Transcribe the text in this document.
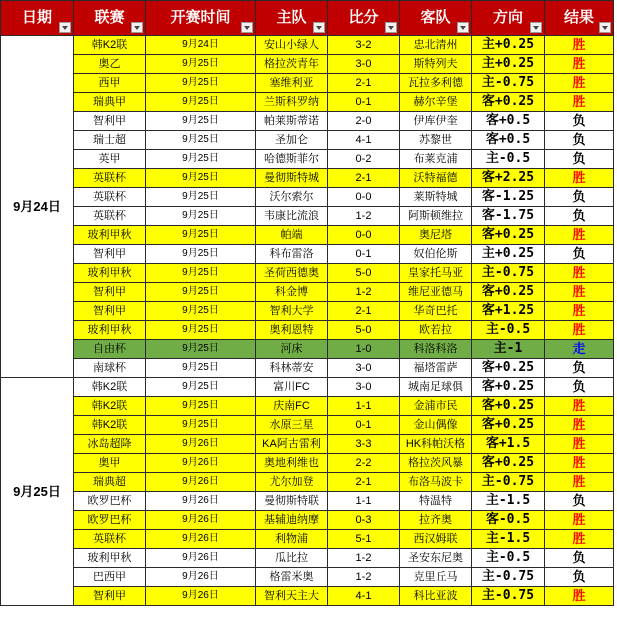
日期	联赛	开赛时间	主队	比分	客队	方向	结果

9月24日	韩K2联	9月24日	安山小绿人	3-2	忠北清州	主+0.25	胜
	奥乙	9月25日	格拉茨青年	3-0	斯特列夫	主+0.25	胜
	西甲	9月25日	塞维利亚	2-1	瓦拉多利德	主-0.75	胜
	瑞典甲	9月25日	兰斯科罗纳	0-1	赫尔辛堡	客+0.25	胜
	智利甲	9月25日	帕莱斯蒂诺	2-0	伊库伊奎	客+0.5	负
	瑞士超	9月25日	圣加仑	4-1	苏黎世	客+0.5	负
	英甲	9月25日	哈德斯菲尔	0-2	布莱克浦	主-0.5	负
	英联杯	9月25日	曼彻斯特城	2-1	沃特福德	客+2.25	胜
	英联杯	9月25日	沃尔索尔	0-0	莱斯特城	客-1.25	负
	英联杯	9月25日	韦康比流浪	1-2	阿斯顿维拉	客-1.75	负
	玻利甲秋	9月25日	帕端	0-0	奥尼塔	客+0.25	胜
	智利甲	9月25日	科布雷洛	0-1	奴伯伦斯	主+0.25	负
	玻利甲秋	9月25日	圣荷西德奥	5-0	皇家托马亚	主-0.75	胜
	智利甲	9月25日	科金博	1-2	维尼亚德马	客+0.25	胜
	智利甲	9月25日	智利大学	2-1	华奇巴托	客+1.25	胜
	玻利甲秋	9月25日	奥利恩特	5-0	欧若拉	主-0.5	胜
	自由杯	9月25日	河床	1-0	科洛科洛	主-1	走
	南球杯	9月25日	科林蒂安	3-0	福塔雷萨	客+0.25	负
9月25日	韩K2联	9月25日	富川FC	3-0	城南足球俱	客+0.25	负
	韩K2联	9月25日	庆南FC	1-1	金浦市民	客+0.25	胜
	韩K2联	9月25日	水原三星	0-1	金山偶像	客+0.25	胜
	冰岛超降	9月26日	KA阿古雷利	3-3	HK科帕沃格	客+1.5	胜
	奥甲	9月26日	奥地利维也	2-2	格拉茨风暴	客+0.25	胜
	瑞典超	9月26日	尤尔加登	2-1	布洛马波卡	主-0.75	胜
	欧罗巴杯	9月26日	曼彻斯特联	1-1	特温特	主-1.5	负
	欧罗巴杯	9月26日	基辅迪纳摩	0-3	拉齐奥	客-0.5	胜
	英联杯	9月26日	利物浦	5-1	西汉姆联	主-1.5	胜
	玻利甲秋	9月26日	瓜比拉	1-2	圣安东尼奥	主-0.5	负
	巴西甲	9月26日	格雷米奥	1-2	克里丘马	主-0.75	负
	智利甲	9月26日	智利天主大	4-1	科比亚波	主-0.75	胜
